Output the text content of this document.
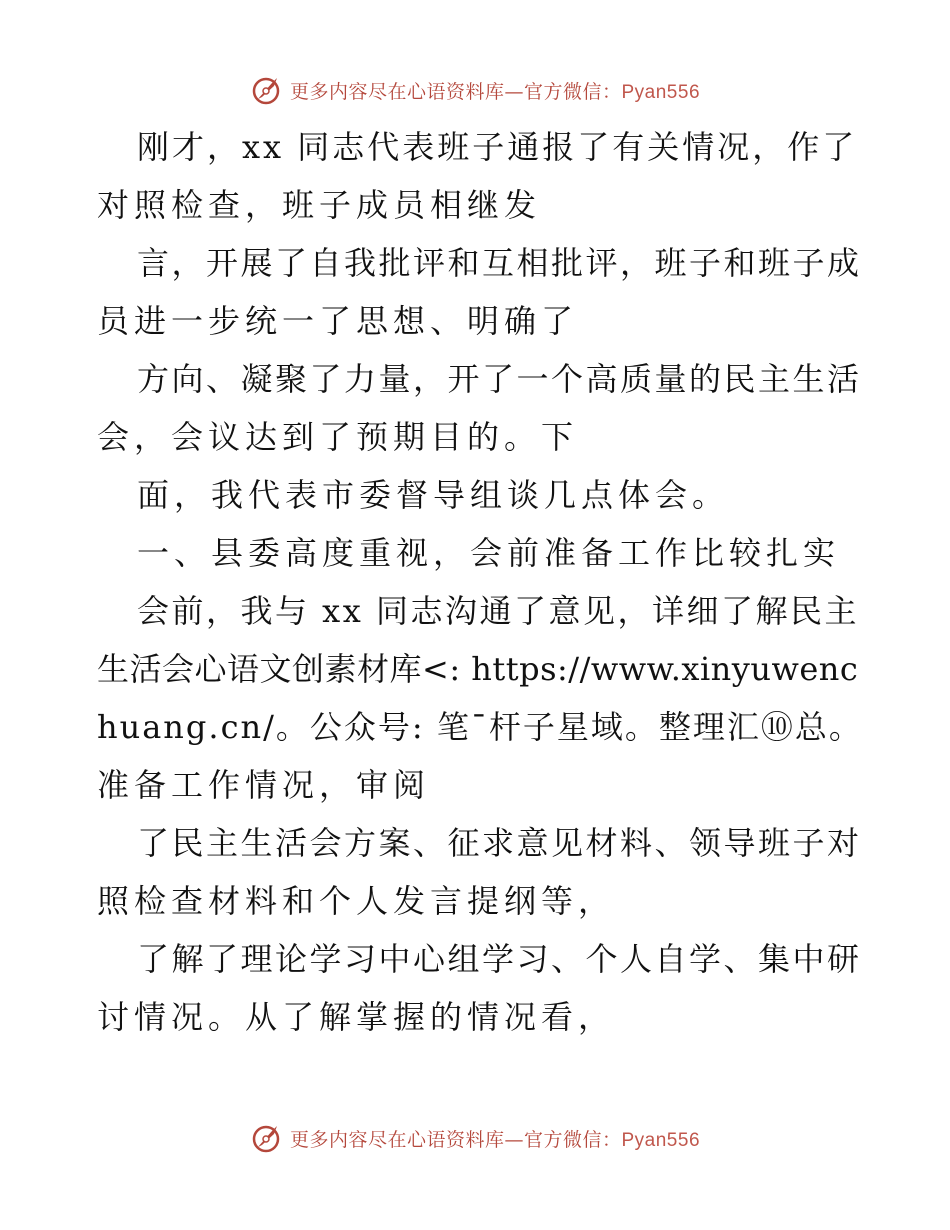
更多内容尽在心语资料库—官方微信：Pyan556
刚才，xx 同志代表班子通报了有关情况，作了
对照检查，班子成员相继发
言，开展了自我批评和互相批评，班子和班子成
员进一步统一了思想、明确了
方向、凝聚了力量，开了一个高质量的民主生活
会，会议达到了预期目的。下
面，我代表市委督导组谈几点体会。
一、县委高度重视，会前准备工作比较扎实
会前，我与 xx 同志沟通了意见，详细了解民主
生活会心语文创素材库<: https://www.xinyuwenc
huang.cn/。公众号: 笔¯杆子星域。整理汇⑩总。
准备工作情况，审阅
了民主生活会方案、征求意见材料、领导班子对
照检查材料和个人发言提纲等，
了解了理论学习中心组学习、个人自学、集中研
讨情况。从了解掌握的情况看，
更多内容尽在心语资料库—官方微信：Pyan556
